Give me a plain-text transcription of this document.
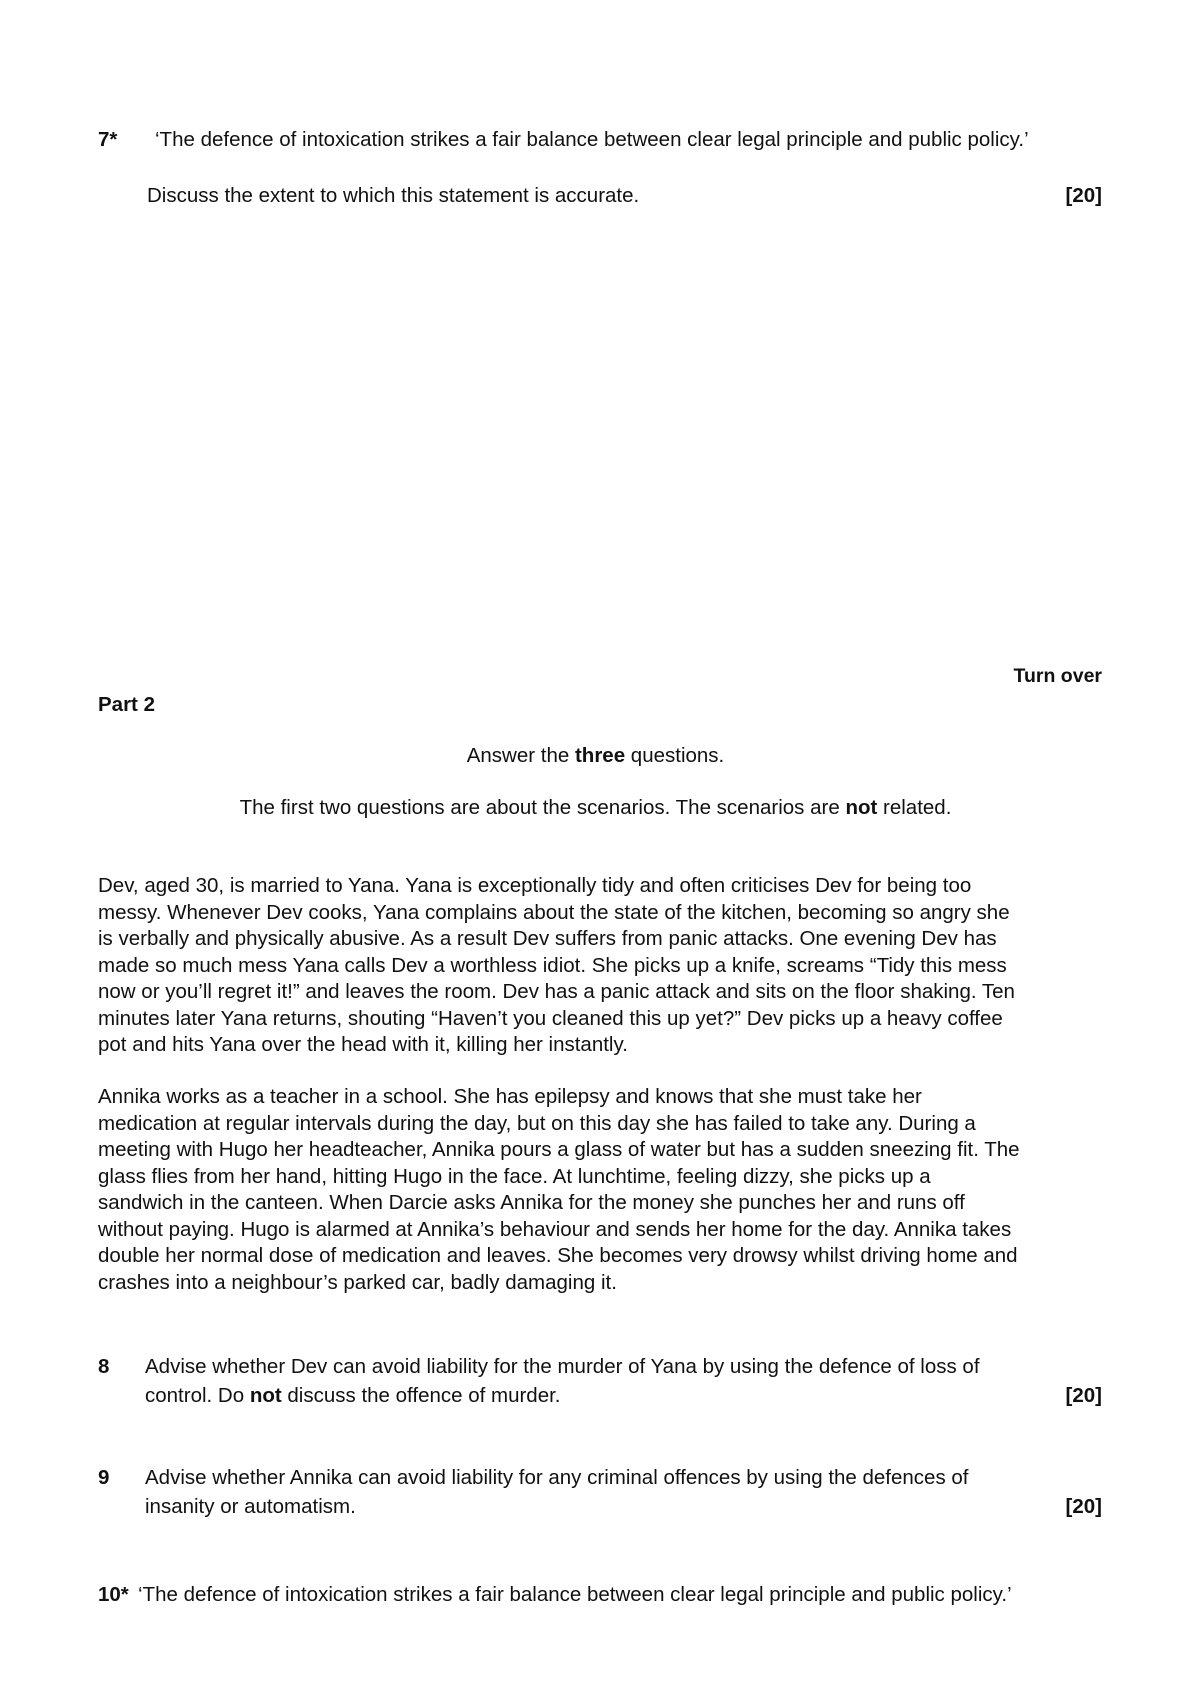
7* ‘The defence of intoxication strikes a fair balance between clear legal principle and public policy.’
Discuss the extent to which this statement is accurate.	[20]
Turn over
Part 2
Answer the three questions.
The first two questions are about the scenarios. The scenarios are not related.
Dev, aged 30, is married to Yana. Yana is exceptionally tidy and often criticises Dev for being too
messy. Whenever Dev cooks, Yana complains about the state of the kitchen, becoming so angry she
is verbally and physically abusive. As a result Dev suffers from panic attacks. One evening Dev has
made so much mess Yana calls Dev a worthless idiot. She picks up a knife, screams “Tidy this mess
now or you’ll regret it!” and leaves the room. Dev has a panic attack and sits on the floor shaking. Ten
minutes later Yana returns, shouting “Haven’t you cleaned this up yet?” Dev picks up a heavy coffee
pot and hits Yana over the head with it, killing her instantly.
Annika works as a teacher in a school. She has epilepsy and knows that she must take her
medication at regular intervals during the day, but on this day she has failed to take any. During a
meeting with Hugo her headteacher, Annika pours a glass of water but has a sudden sneezing fit. The
glass flies from her hand, hitting Hugo in the face. At lunchtime, feeling dizzy, she picks up a
sandwich in the canteen. When Darcie asks Annika for the money she punches her and runs off
without paying. Hugo is alarmed at Annika’s behaviour and sends her home for the day. Annika takes
double her normal dose of medication and leaves. She becomes very drowsy whilst driving home and
crashes into a neighbour’s parked car, badly damaging it.
8 Advise whether Dev can avoid liability for the murder of Yana by using the defence of loss of
control. Do not discuss the offence of murder.	[20]
9 Advise whether Annika can avoid liability for any criminal offences by using the defences of
insanity or automatism.	[20]
10* ‘The defence of intoxication strikes a fair balance between clear legal principle and public policy.’
